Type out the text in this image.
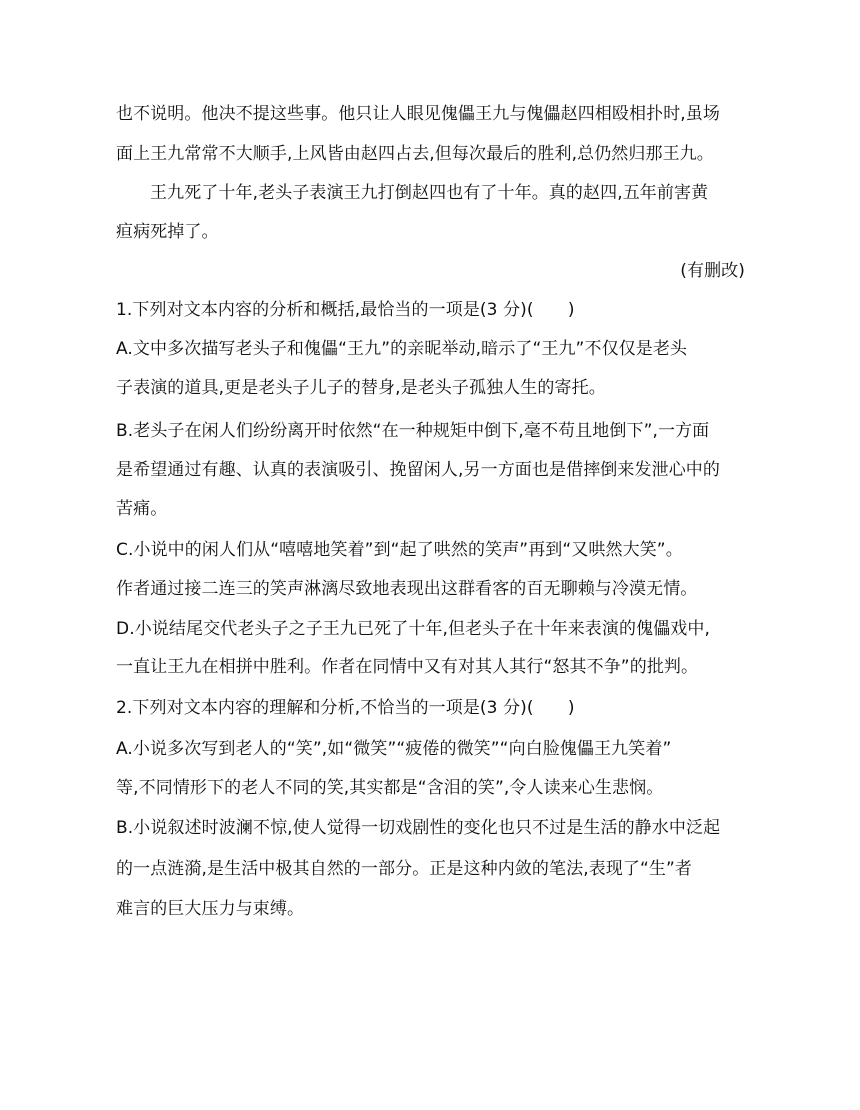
也不说明。他决不提这些事。他只让人眼见傀儡王九与傀儡赵四相殴相扑时,虽场
面上王九常常不大顺手,上风皆由赵四占去,但每次最后的胜利,总仍然归那王九。
王九死了十年,老头子表演王九打倒赵四也有了十年。真的赵四,五年前害黄
疸病死掉了。
(有删改)
1.下列对文本内容的分析和概括,最恰当的一项是(3 分)(　　)
A.文中多次描写老头子和傀儡“王九”的亲昵举动,暗示了“王九”不仅仅是老头
子表演的道具,更是老头子儿子的替身,是老头子孤独人生的寄托。
B.老头子在闲人们纷纷离开时依然“在一种规矩中倒下,毫不苟且地倒下”,一方面
是希望通过有趣、认真的表演吸引、挽留闲人,另一方面也是借摔倒来发泄心中的
苦痛。
C.小说中的闲人们从“嘻嘻地笑着”到“起了哄然的笑声”再到“又哄然大笑”。
作者通过接二连三的笑声淋漓尽致地表现出这群看客的百无聊赖与冷漠无情。
D.小说结尾交代老头子之子王九已死了十年,但老头子在十年来表演的傀儡戏中,
一直让王九在相拼中胜利。作者在同情中又有对其人其行“怒其不争”的批判。
2.下列对文本内容的理解和分析,不恰当的一项是(3 分)(　　)
A.小说多次写到老人的“笑”,如“微笑”“疲倦的微笑”“向白脸傀儡王九笑着”
等,不同情形下的老人不同的笑,其实都是“含泪的笑”,令人读来心生悲悯。
B.小说叙述时波澜不惊,使人觉得一切戏剧性的变化也只不过是生活的静水中泛起
的一点涟漪,是生活中极其自然的一部分。正是这种内敛的笔法,表现了“生”者
难言的巨大压力与束缚。
